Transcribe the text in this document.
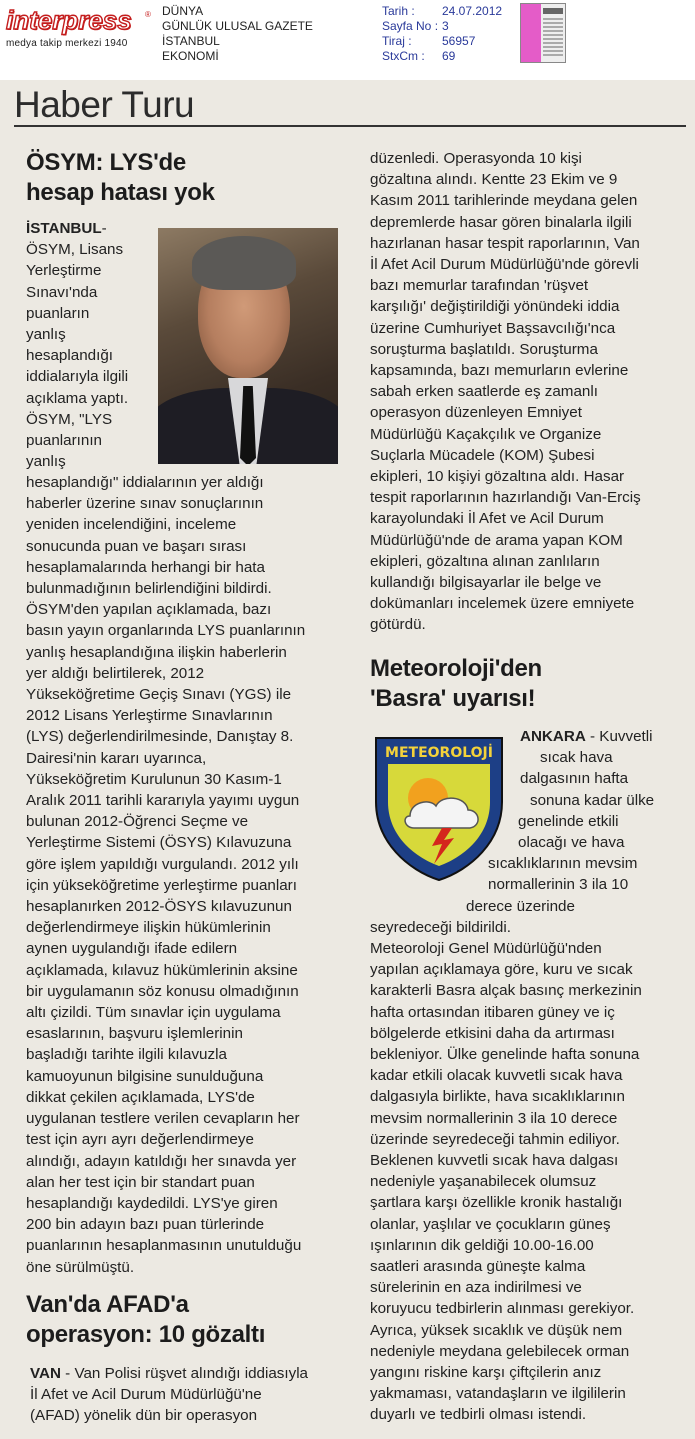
interpress ®
medya takip merkezi 1940
DÜNYA
GÜNLÜK ULUSAL GAZETE
İSTANBUL
EKONOMİ
Tarih :	24.07.2012
Sayfa No : 3
Tiraj :	56957
StxCm :	69
Haber Turu
ÖSYM: LYS'de
hesap hatası yok

İSTANBUL-

ÖSYM, Lisans

Yerleştirme

Sınavı'nda

puanların

yanlış

hesaplandığı

iddialarıyla ilgili

açıklama yaptı.

ÖSYM, "LYS

puanlarının

yanlış

hesaplandığı" iddialarının yer aldığı

haberler üzerine sınav sonuçlarının

yeniden incelendiğini, inceleme

sonucunda puan ve başarı sırası

hesaplamalarında herhangi bir hata

bulunmadığının belirlendiğini bildirdi.

ÖSYM'den yapılan açıklamada, bazı

basın yayın organlarında LYS puanlarının

yanlış hesaplandığına ilişkin haberlerin

yer aldığı belirtilerek, 2012

Yükseköğretime Geçiş Sınavı (YGS) ile

2012 Lisans Yerleştirme Sınavlarının

(LYS) değerlendirilmesinde, Danıştay 8.

Dairesi'nin kararı uyarınca,

Yükseköğretim Kurulunun 30 Kasım-1

Aralık 2011 tarihli kararıyla yayımı uygun

bulunan 2012-Öğrenci Seçme ve

Yerleştirme Sistemi (ÖSYS) Kılavuzuna

göre işlem yapıldığı vurgulandı. 2012 yılı

için yükseköğretime yerleştirme puanları

hesaplanırken 2012-ÖSYS kılavuzunun

değerlendirmeye ilişkin hükümlerinin

aynen uygulandığı ifade edilern

açıklamada, kılavuz hükümlerinin aksine

bir uygulamanın söz konusu olmadığının

altı çizildi. Tüm sınavlar için uygulama

esaslarının, başvuru işlemlerinin

başladığı tarihte ilgili kılavuzla

kamuoyunun bilgisine sunulduğuna

dikkat çekilen açıklamada, LYS'de

uygulanan testlere verilen cevapların her

test için ayrı ayrı değerlendirmeye

alındığı, adayın katıldığı her sınavda yer

alan her test için bir standart puan

hesaplandığı kaydedildi. LYS'ye giren

200 bin adayın bazı puan türlerinde

puanlarının hesaplanmasının unutulduğu

öne sürülmüştü.

Van'da AFAD'a
operasyon: 10 gözaltı

VAN - Van Polisi rüşvet alındığı iddiasıyla

İl Afet ve Acil Durum Müdürlüğü'ne

(AFAD) yönelik dün bir operasyon

düzenledi. Operasyonda 10 kişi

gözaltına alındı. Kentte 23 Ekim ve 9

Kasım 2011 tarihlerinde meydana gelen

depremlerde hasar gören binalarla ilgili

hazırlanan hasar tespit raporlarının, Van

İl Afet Acil Durum Müdürlüğü'nde görevli

bazı memurlar tarafından 'rüşvet

karşılığı' değiştirildiği yönündeki iddia

üzerine Cumhuriyet Başsavcılığı'nca

soruşturma başlatıldı. Soruşturma

kapsamında, bazı memurların evlerine

sabah erken saatlerde eş zamanlı

operasyon düzenleyen Emniyet

Müdürlüğü Kaçakçılık ve Organize

Suçlarla Mücadele (KOM) Şubesi

ekipleri, 10 kişiyi gözaltına aldı. Hasar

tespit raporlarının hazırlandığı Van-Erciş

karayolundaki İl Afet ve Acil Durum

Müdürlüğü'nde de arama yapan KOM

ekipleri, gözaltına alınan zanlıların

kullandığı bilgisayarlar ile belge ve

dokümanları incelemek üzere emniyete

götürdü.

Meteoroloji'den
'Basra' uyarısı!
METEOROLOJİ

ANKARA - Kuvvetli

sıcak hava

dalgasının hafta

sonuna kadar ülke

genelinde etkili

olacağı ve hava

sıcaklıklarının mevsim

normallerinin 3 ila 10

derece üzerinde

seyredeceği bildirildi.

Meteoroloji Genel Müdürlüğü'nden

yapılan açıklamaya göre, kuru ve sıcak

karakterli Basra alçak basınç merkezinin

hafta ortasından itibaren güney ve iç

bölgelerde etkisini daha da artırması

bekleniyor. Ülke genelinde hafta sonuna

kadar etkili olacak kuvvetli sıcak hava

dalgasıyla birlikte, hava sıcaklıklarının

mevsim normallerinin 3 ila 10 derece

üzerinde seyredeceği tahmin ediliyor.

Beklenen kuvvetli sıcak hava dalgası

nedeniyle yaşanabilecek olumsuz

şartlara karşı özellikle kronik hastalığı

olanlar, yaşlılar ve çocukların güneş

ışınlarının dik geldiği 10.00-16.00

saatleri arasında güneşte kalma

sürelerinin en aza indirilmesi ve

koruyucu tedbirlerin alınması gerekiyor.

Ayrıca, yüksek sıcaklık ve düşük nem

nedeniyle meydana gelebilecek orman

yangını riskine karşı çiftçilerin anız

yakmaması, vatandaşların ve ilgililerin

duyarlı ve tedbirli olması istendi.
